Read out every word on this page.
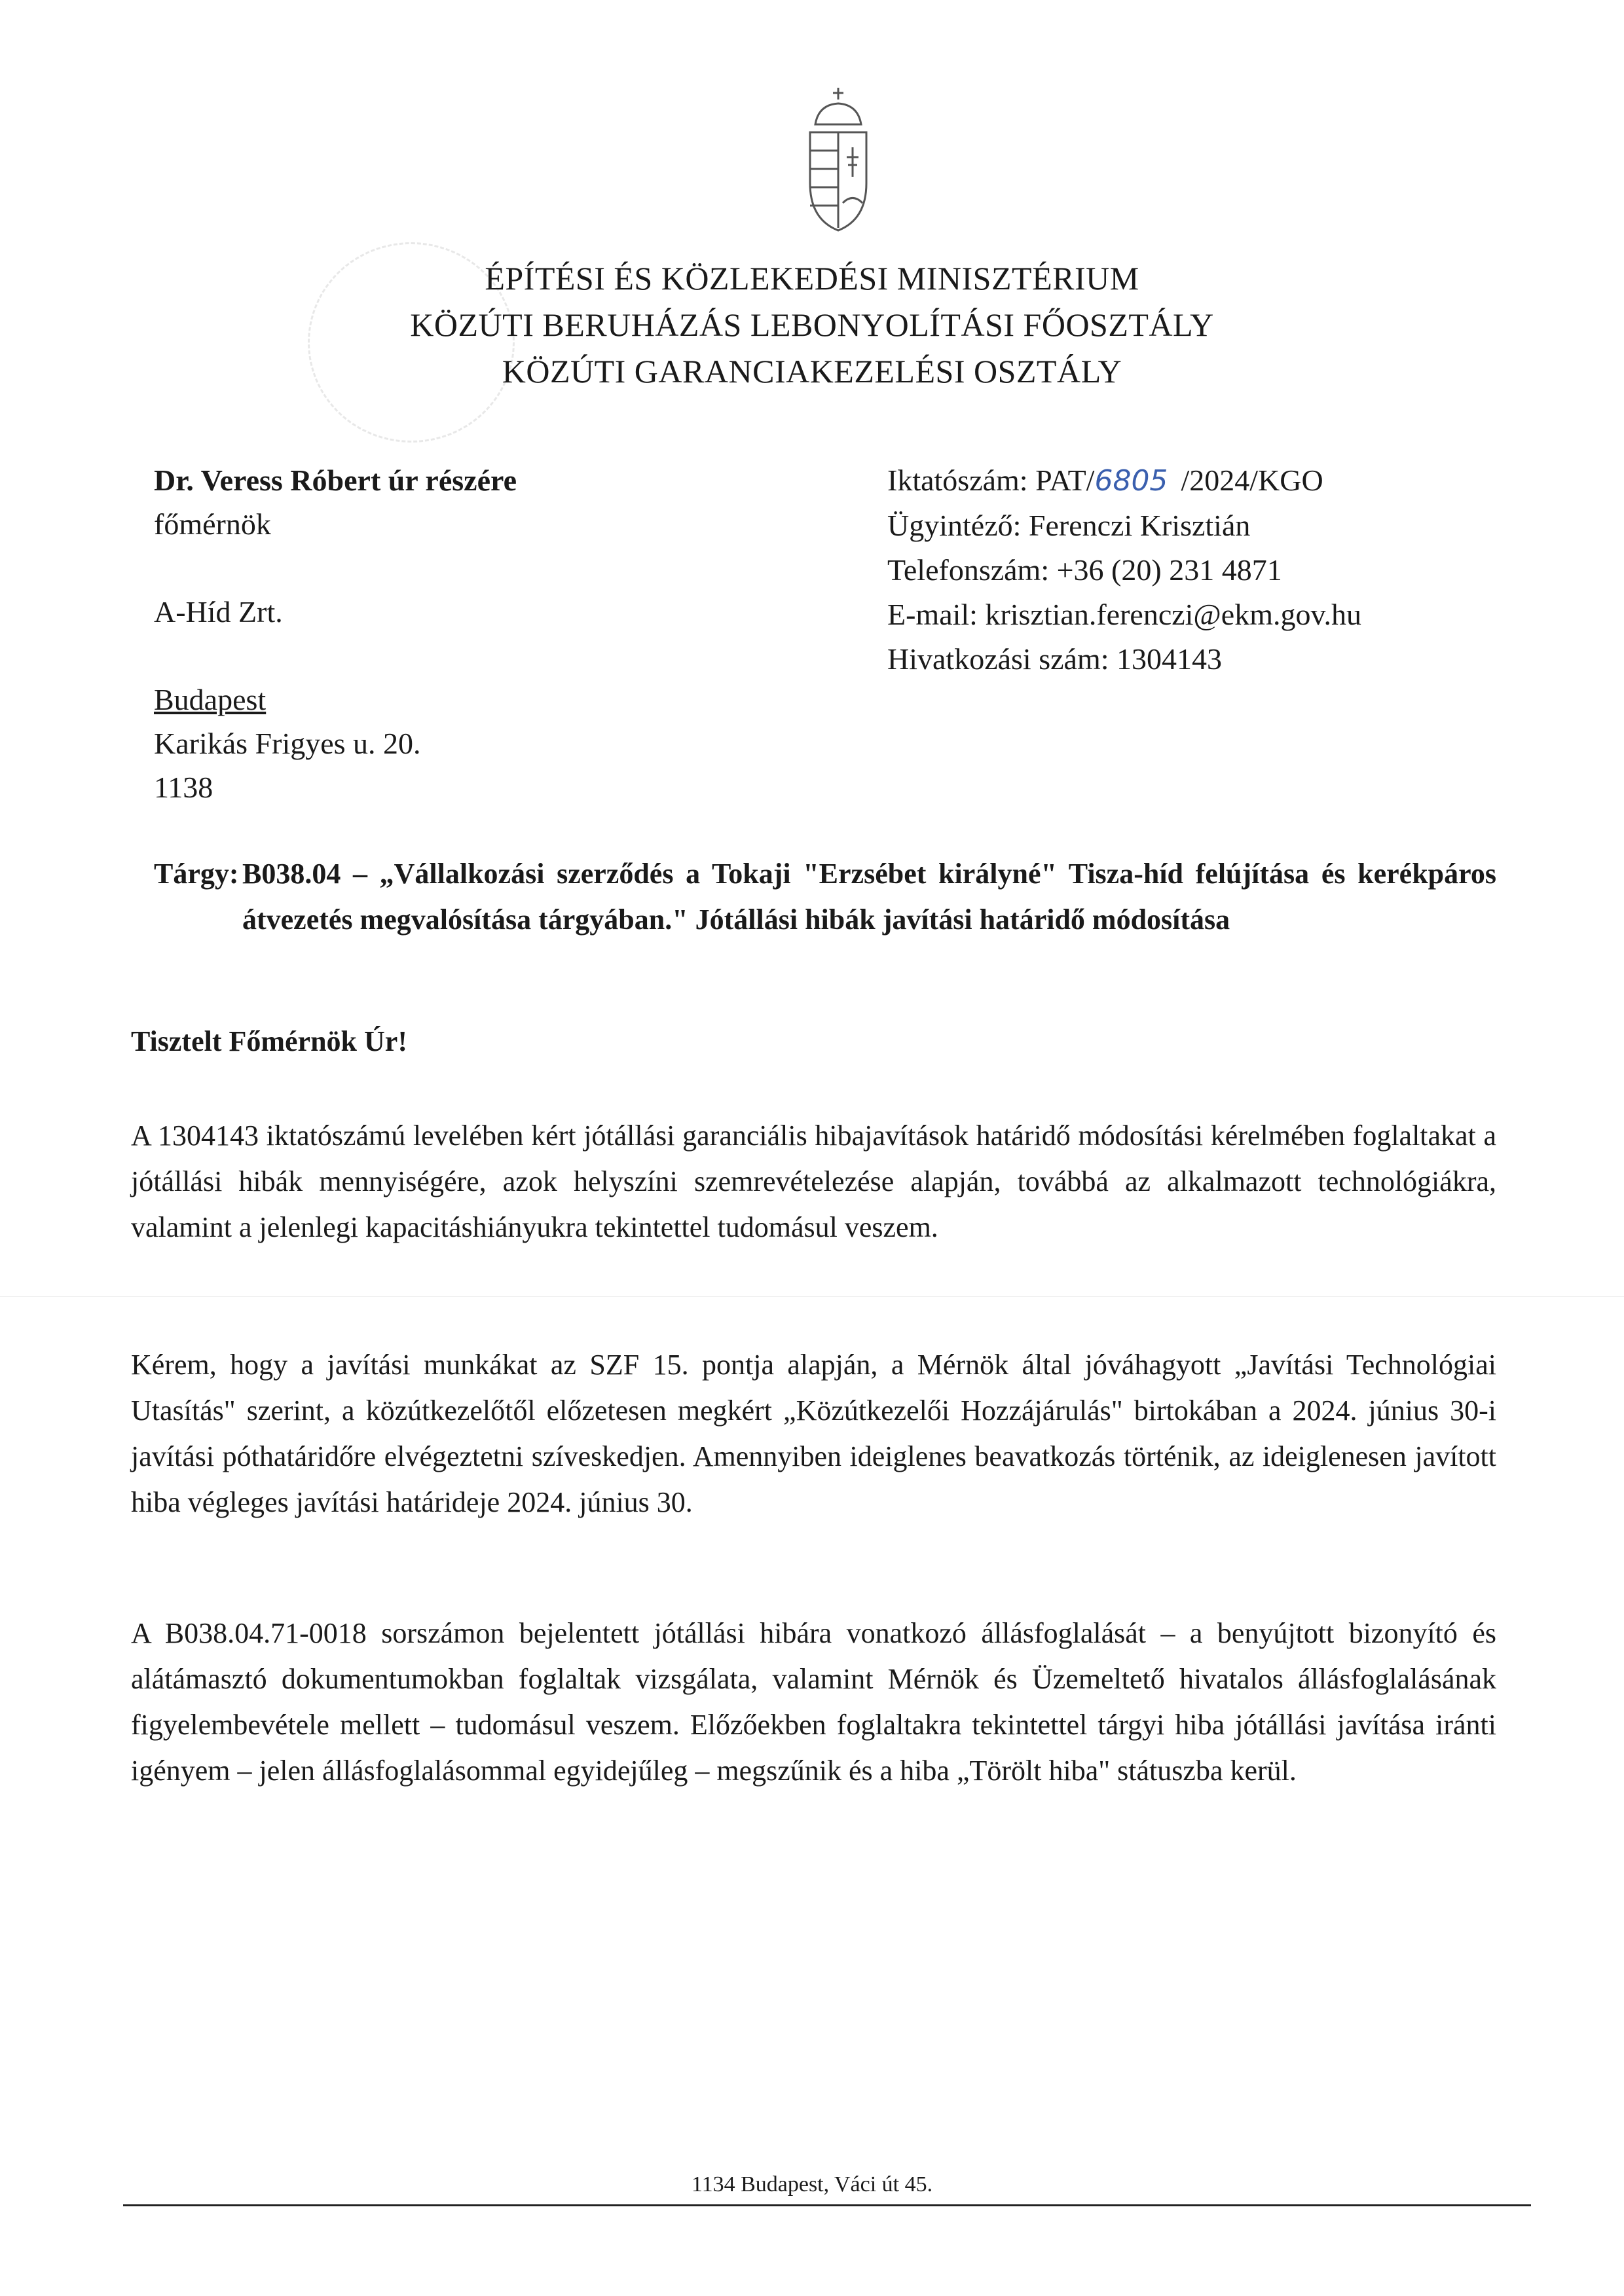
ÉPÍTÉSI ÉS KÖZLEKEDÉSI MINISZTÉRIUM
KÖZÚTI BERUHÁZÁS LEBONYOLÍTÁSI FŐOSZTÁLY
KÖZÚTI GARANCIAKEZELÉSI OSZTÁLY
Dr. Veress Róbert úr részére
főmérnök
A-Híd Zrt.
Budapest
Karikás Frigyes u. 20.
1138
Iktatószám: PAT/6805 /2024/KGO
Ügyintéző: Ferenczi Krisztián
Telefonszám: +36 (20) 231 4871
E-mail: krisztian.ferenczi@ekm.gov.hu
Hivatkozási szám: 1304143
Tárgy: B038.04 – „Vállalkozási szerződés a Tokaji "Erzsébet királyné" Tisza-híd felújítása és kerékpáros átvezetés megvalósítása tárgyában." Jótállási hibák javítási határidő módosítása
Tisztelt Főmérnök Úr!
A 1304143 iktatószámú levelében kért jótállási garanciális hibajavítások határidő módosítási kérelmében foglaltakat a jótállási hibák mennyiségére, azok helyszíni szemrevételezése alapján, továbbá az alkalmazott technológiákra, valamint a jelenlegi kapacitáshiányukra tekintettel tudomásul veszem.
Kérem, hogy a javítási munkákat az SZF 15. pontja alapján, a Mérnök által jóváhagyott „Javítási Technológiai Utasítás" szerint, a közútkezelőtől előzetesen megkért „Közútkezelői Hozzájárulás" birtokában a 2024. június 30-i javítási póthatáridőre elvégeztetni szíveskedjen. Amennyiben ideiglenes beavatkozás történik, az ideiglenesen javított hiba végleges javítási határideje 2024. június 30.
A B038.04.71-0018 sorszámon bejelentett jótállási hibára vonatkozó állásfoglalását – a benyújtott bizonyító és alátámasztó dokumentumokban foglaltak vizsgálata, valamint Mérnök és Üzemeltető hivatalos állásfoglalásának figyelembevétele mellett – tudomásul veszem. Előzőekben foglaltakra tekintettel tárgyi hiba jótállási javítása iránti igényem – jelen állásfoglalásommal egyidejűleg – megszűnik és a hiba „Törölt hiba" státuszba kerül.
1134 Budapest, Váci út 45.
